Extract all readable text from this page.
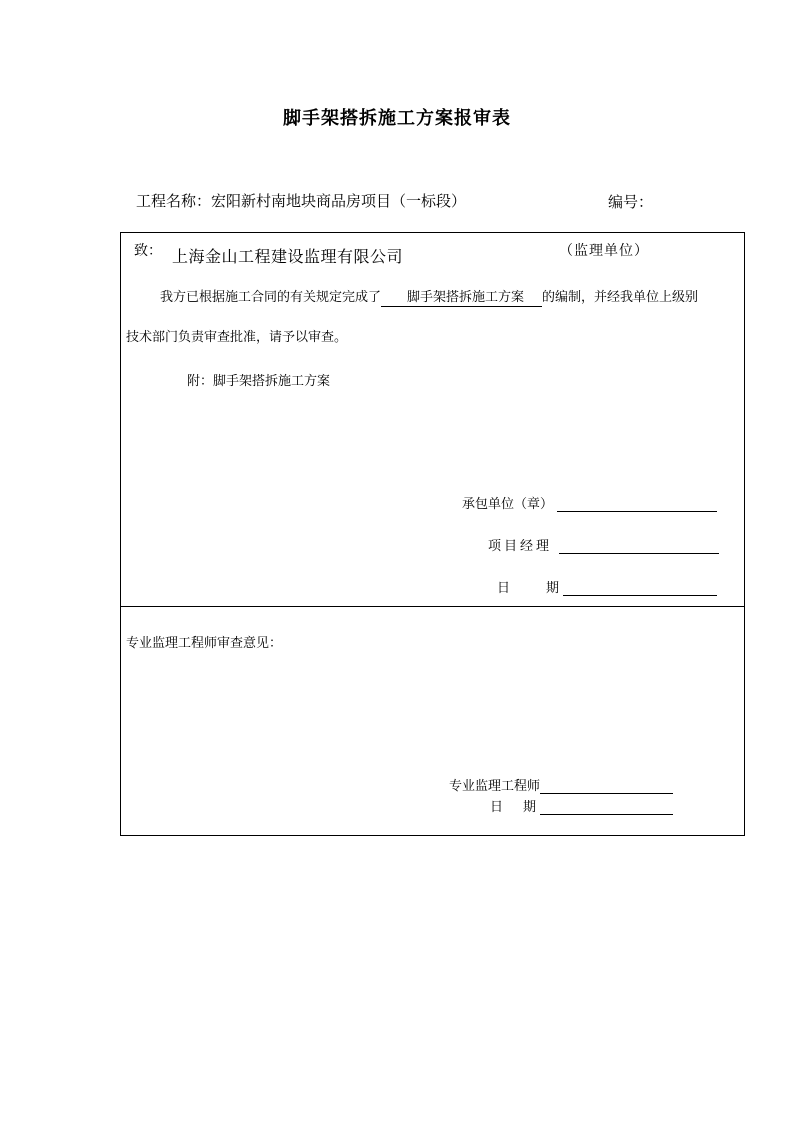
脚手架搭拆施工方案报审表
工程名称：宏阳新村南地块商品房项目（一标段）	编号：
致： 上海金山工程建设监理有限公司	（监理单位）
我方已根据施工合同的有关规定完成了 脚手架搭拆施工方案 的编制，并经我单位上级别
技术部门负责审查批准，请予以审查。
附：脚手架搭拆施工方案
承包单位（章）
项目经理
日	期
专业监理工程师审查意见：
专业监理工程师
日 期
